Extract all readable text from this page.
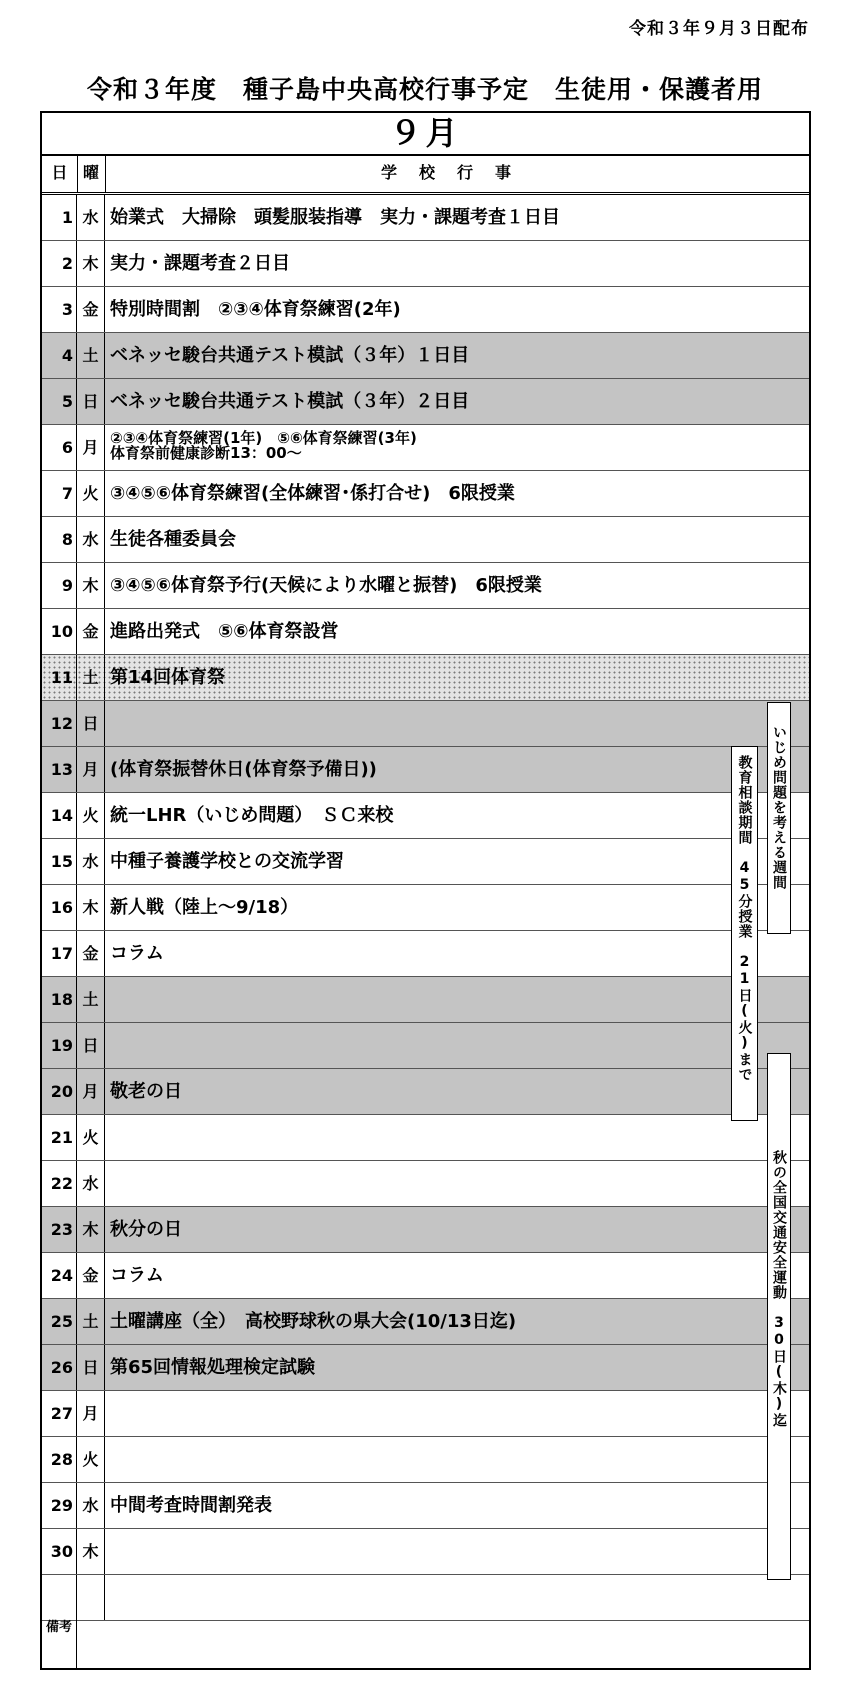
令和３年９月３日配布
令和３年度　種子島中央高校行事予定　生徒用・保護者用
９月
日 曜	学校行事
1 水 始業式　大掃除　頭髪服装指導　実力・課題考査１日目
2 木 実力・課題考査２日目
3 金 特別時間割　②③④体育祭練習(2年)
4 土 ベネッセ駿台共通テスト模試（３年）１日目
5 日 ベネッセ駿台共通テスト模試（３年）２日目
6 月 ②③④体育祭練習(1年)　⑤⑥体育祭練習(3年)
体育祭前健康診断13：00～
7 火 ③④⑤⑥体育祭練習(全体練習･係打合せ)　6限授業
8 水 生徒各種委員会
9 木 ③④⑤⑥体育祭予行(天候により水曜と振替)　6限授業
10 金 進路出発式　⑤⑥体育祭設営
11 土 第14回体育祭
12 日
13 月 (体育祭振替休日(体育祭予備日))
14 火 統一LHR（いじめ問題）　ＳＣ来校
15 水 中種子養護学校との交流学習
16 木 新人戦（陸上～9/18）
17 金 コラム
18 土
19 日
20 月 敬老の日
21 火
22 水
23 木 秋分の日
24 金 コラム
25 土 土曜講座（全）　高校野球秋の県大会(10/13日迄)
26 日 第65回情報処理検定試験
27 月
28 火
29 水 中間考査時間割発表
30 木
備考
いじめ問題を考える週間
教育相談期間　45分授業　21日(火)まで
秋の全国交通安全運動　30日(木)迄
